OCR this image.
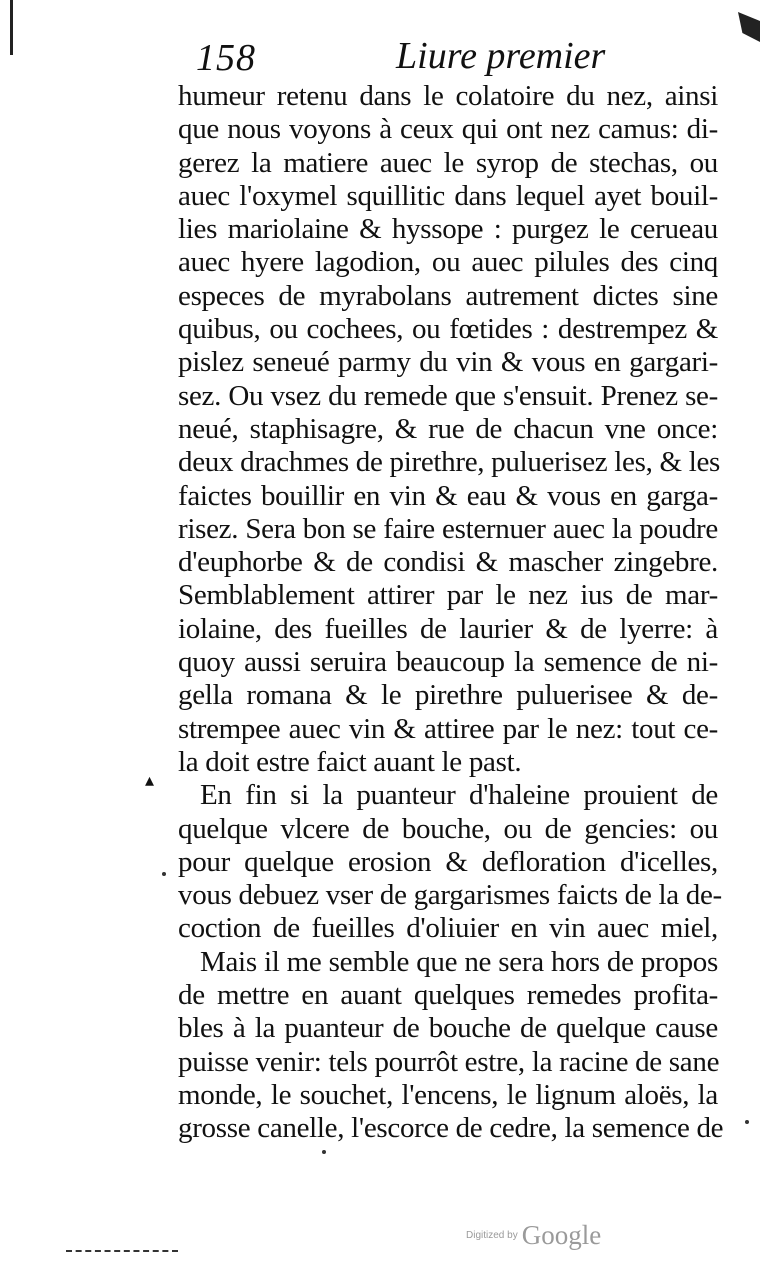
158	Liure premier
▴
humeur retenu dans le colatoire du nez, ainsi
que nous voyons à ceux qui ont nez camus: di-
gerez la matiere auec le syrop de stechas, ou
auec l'oxymel squillitic dans lequel ayet bouil-
lies mariolaine & hyssope : purgez le cerueau
auec hyere lagodion, ou auec pilules des cinq
especes de myrabolans autrement dictes sine
quibus, ou cochees, ou fœtides : destrempez &
pislez seneué parmy du vin & vous en gargari-
sez. Ou vsez du remede que s'ensuit. Prenez se-
neué, staphisagre, & rue de chacun vne once:
deux drachmes de pirethre, puluerisez les, & les
faictes bouillir en vin & eau & vous en garga-
risez. Sera bon se faire esternuer auec la poudre
d'euphorbe & de condisi & mascher zingebre.
Semblablement attirer par le nez ius de mar-
iolaine, des fueilles de laurier & de lyerre: à
quoy aussi seruira beaucoup la semence de ni-
gella romana & le pirethre puluerisee & de-
strempee auec vin & attiree par le nez: tout ce-
la doit estre faict auant le past.
En fin si la puanteur d'haleine prouient de
quelque vlcere de bouche, ou de gencies: ou
pour quelque erosion & defloration d'icelles,
vous debuez vser de gargarismes faicts de la de-
coction de fueilles d'oliuier en vin auec miel,
Mais il me semble que ne sera hors de propos
de mettre en auant quelques remedes profita-
bles à la puanteur de bouche de quelque cause
puisse venir: tels pourrôt estre, la racine de sane
monde, le souchet, l'encens, le lignum aloës, la
grosse canelle, l'escorce de cedre, la semence de
Digitized by Google
